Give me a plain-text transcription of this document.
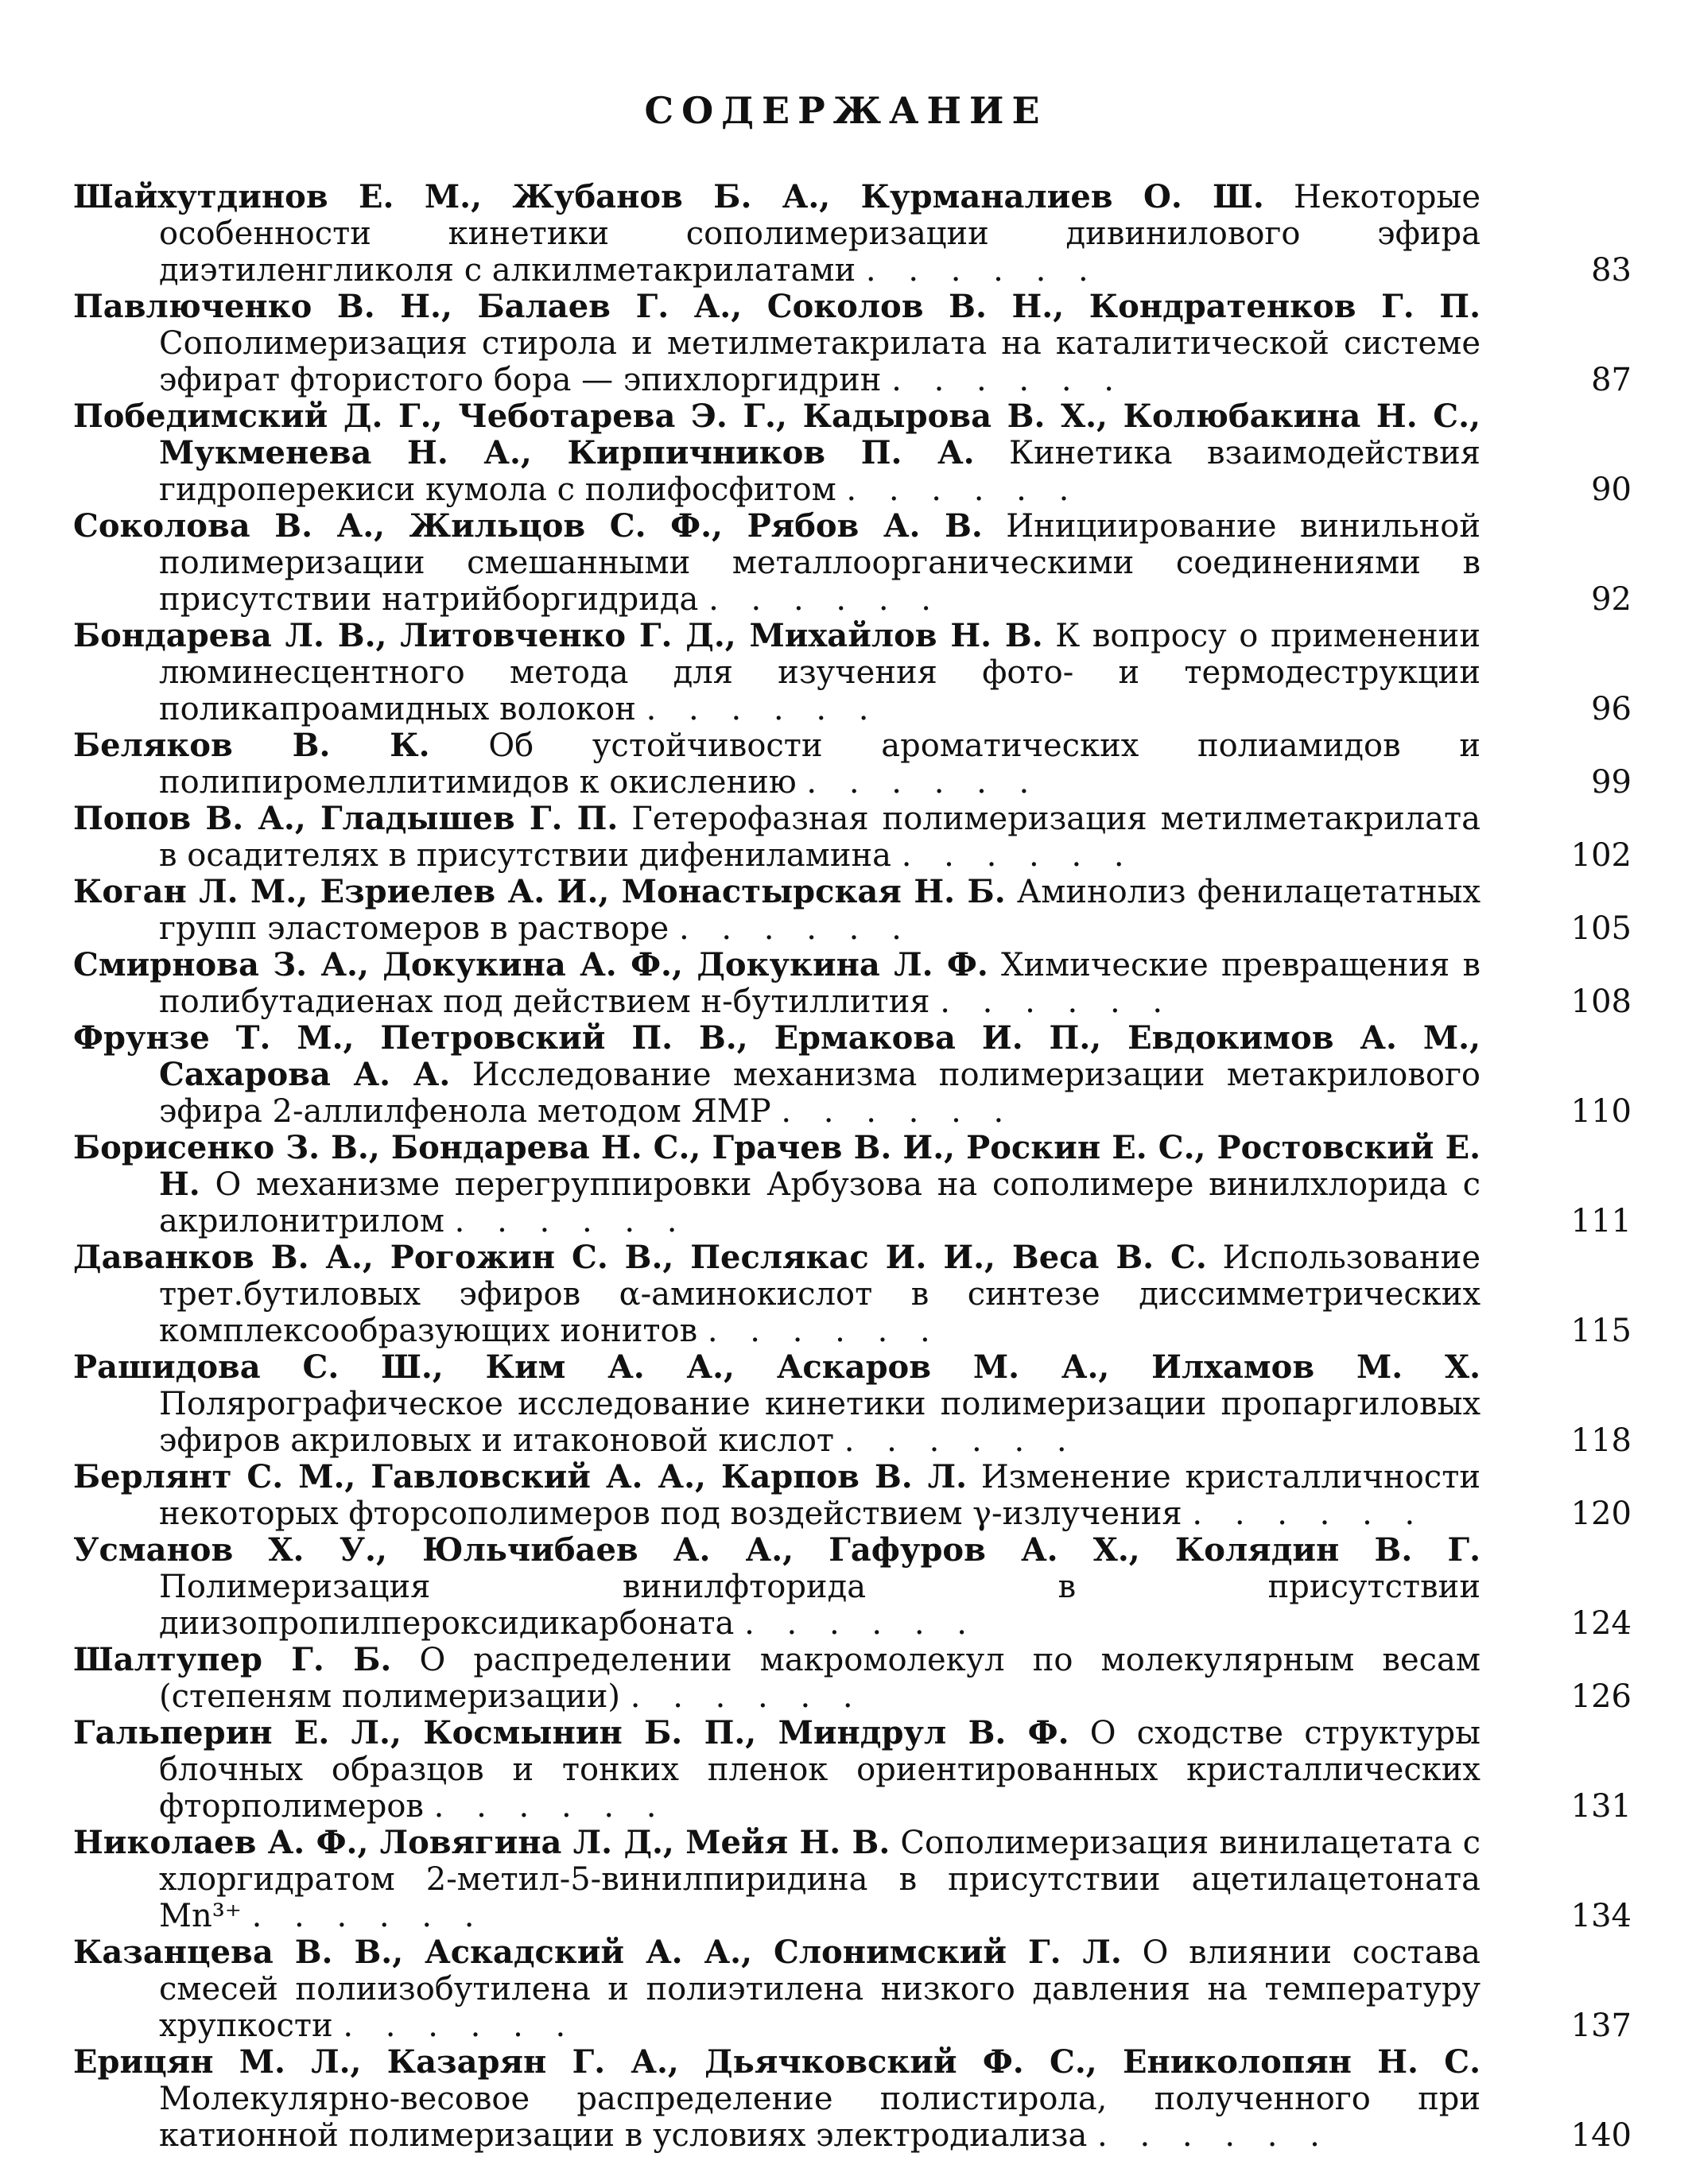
СОДЕРЖАНИЕ
Шайхутдинов Е. М., Жубанов Б. А., Курманалиев О. Ш. Некоторые особенности кинетики сополимеризации дивинилового эфира диэтиленгликоля с алкилметакрилатами . . . . . .	83
Павлюченко В. Н., Балаев Г. А., Соколов В. Н., Кондратенков Г. П. Сополимеризация стирола и метилметакрилата на каталитической системе эфират фтористого бора — эпихлоргидрин . . . . . .	87
Победимский Д. Г., Чеботарева Э. Г., Кадырова В. Х., Колюбакина Н. С., Мукменева Н. А., Кирпичников П. А. Кинетика взаимодействия гидроперекиси кумола с полифосфитом . . . . . .	90
Соколова В. А., Жильцов С. Ф., Рябов А. В. Инициирование винильной полимеризации смешанными металлоорганическими соединениями в присутствии натрийборгидрида . . . . . .	92
Бондарева Л. В., Литовченко Г. Д., Михайлов Н. В. К вопросу о применении люминесцентного метода для изучения фото- и термодеструкции поликапроамидных волокон . . . . . .	96
Беляков В. К. Об устойчивости ароматических полиамидов и полипиромеллитимидов к окислению . . . . . .	99
Попов В. А., Гладышев Г. П. Гетерофазная полимеризация метилметакрилата в осадителях в присутствии дифениламина . . . . . .	102
Коган Л. М., Езриелев А. И., Монастырская Н. Б. Аминолиз фенилацетатных групп эластомеров в растворе . . . . . .	105
Смирнова З. А., Докукина А. Ф., Докукина Л. Ф. Химические превращения в полибутадиенах под действием н-бутиллития . . . . . .	108
Фрунзе Т. М., Петровский П. В., Ермакова И. П., Евдокимов А. М., Сахарова А. А. Исследование механизма полимеризации метакрилового эфира 2-аллилфенола методом ЯМР . . . . . .	110
Борисенко З. В., Бондарева Н. С., Грачев В. И., Роскин Е. С., Ростовский Е. Н. О механизме перегруппировки Арбузова на сополимере винилхлорида с акрилонитрилом . . . . . .	111
Даванков В. А., Рогожин С. В., Песлякас И. И., Веса В. С. Использование трет.бутиловых эфиров α-аминокислот в синтезе диссимметрических комплексообразующих ионитов . . . . . .	115
Рашидова С. Ш., Ким А. А., Аскаров М. А., Илхамов М. Х. Полярографическое исследование кинетики полимеризации пропаргиловых эфиров акриловых и итаконовой кислот . . . . . .	118
Берлянт С. М., Гавловский А. А., Карпов В. Л. Изменение кристалличности некоторых фторсополимеров под воздействием γ-излучения . . . . . .	120
Усманов Х. У., Юльчибаев А. А., Гафуров А. Х., Колядин В. Г. Полимеризация винилфторида в присутствии диизопропилпероксидикарбоната . . . . . .	124
Шалтупер Г. Б. О распределении макромолекул по молекулярным весам (степеням полимеризации) . . . . . .	126
Гальперин Е. Л., Космынин Б. П., Миндрул В. Ф. О сходстве структуры блочных образцов и тонких пленок ориентированных кристаллических фторполимеров . . . . . .	131
Николаев А. Ф., Ловягина Л. Д., Мейя Н. В. Сополимеризация винилацетата с хлоргидратом 2-метил-5-винилпиридина в присутствии ацетилацетоната Mn³⁺ . . . . . .	134
Казанцева В. В., Аскадский А. А., Слонимский Г. Л. О влиянии состава смесей полиизобутилена и полиэтилена низкого давления на температуру хрупкости . . . . . .	137
Ерицян М. Л., Казарян Г. А., Дьячковский Ф. С., Ениколопян Н. С. Молекулярно-весовое распределение полистирола, полученного при катионной полимеризации в условиях электродиализа . . . . . .	140
